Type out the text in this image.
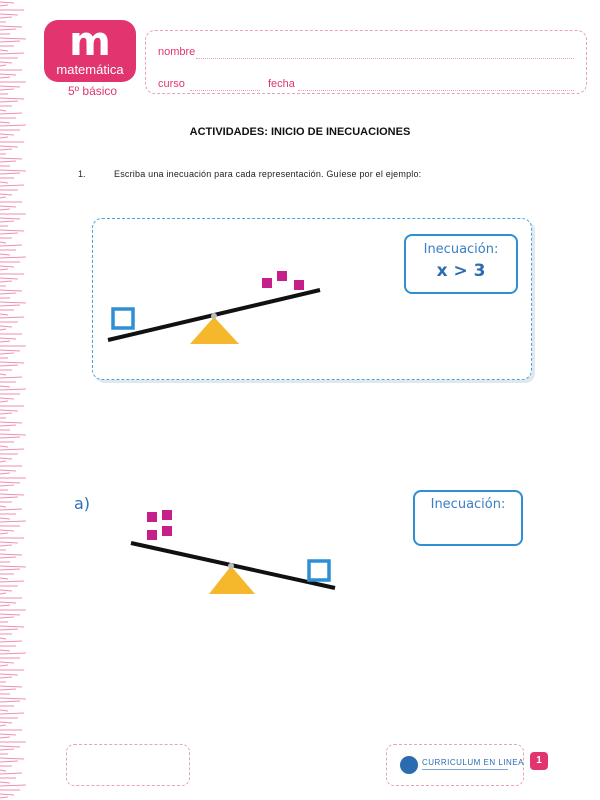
m
matemática
5º básico
nombre
curso	fecha
ACTIVIDADES: INICIO DE INECUACIONES
1.	Escriba una inecuación para cada representación. Guíese por el ejemplo:
Inecuación:
x > 3
a)	Inecuación:
CURRICULUM EN LINEA	1
